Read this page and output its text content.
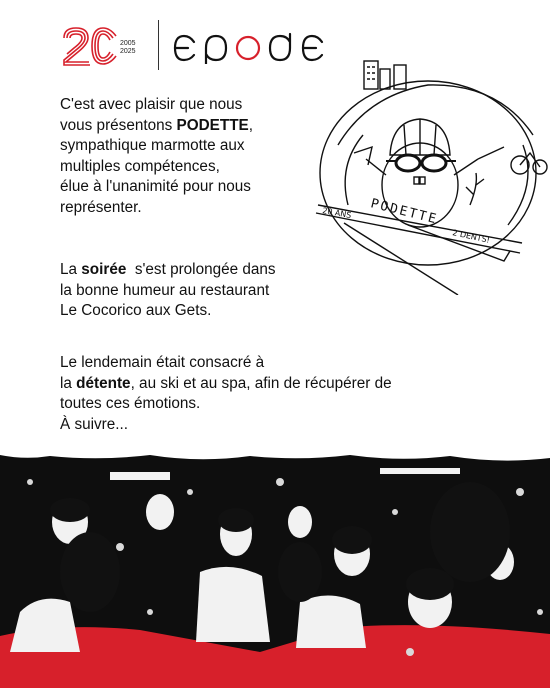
2005
2025
C'est avec plaisir que nous
vous présentons PODETTE,
sympathique marmotte aux
multiples compétences,
élue à l'unanimité pour nous
représenter.	20 ANS PODETTE
2 DENTS!
La soirée  s'est prolongée dans
la bonne humeur au restaurant
Le Cocorico aux Gets.
Le lendemain était consacré à
la détente, au ski et au spa, afin de récupérer de
toutes ces émotions.
À suivre...
